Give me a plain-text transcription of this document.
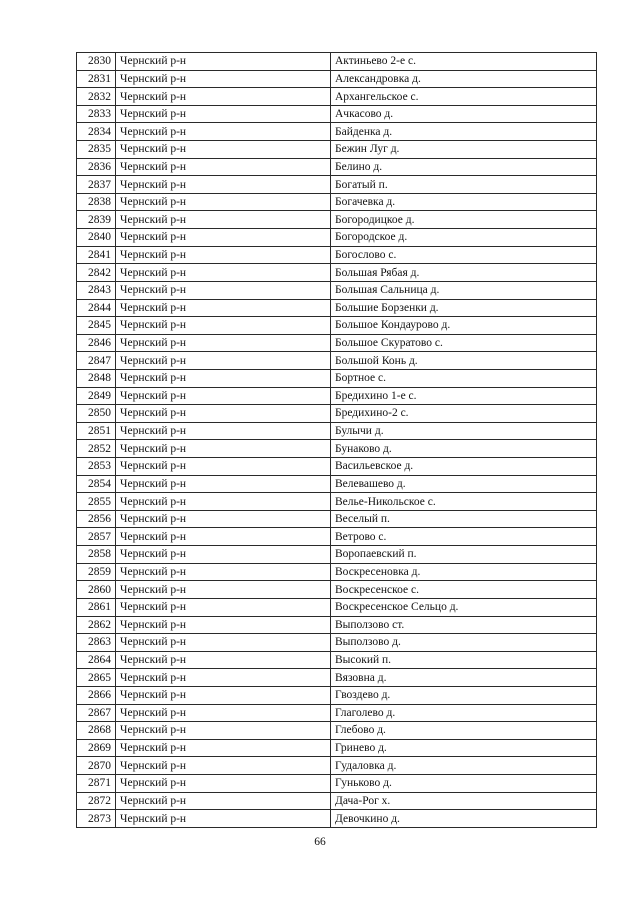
2830	Чернский р-н	Актиньево 2-е с.
2831	Чернский р-н	Александровка д.
2832	Чернский р-н	Архангельское с.
2833	Чернский р-н	Ачкасово д.
2834	Чернский р-н	Байденка д.
2835	Чернский р-н	Бежин Луг д.
2836	Чернский р-н	Белино д.
2837	Чернский р-н	Богатый п.
2838	Чернский р-н	Богачевка д.
2839	Чернский р-н	Богородицкое д.
2840	Чернский р-н	Богородское д.
2841	Чернский р-н	Богослово с.
2842	Чернский р-н	Большая Рябая д.
2843	Чернский р-н	Большая Сальница д.
2844	Чернский р-н	Большие Борзенки д.
2845	Чернский р-н	Большое Кондаурово д.
2846	Чернский р-н	Большое Скуратово с.
2847	Чернский р-н	Большой Конь д.
2848	Чернский р-н	Бортное с.
2849	Чернский р-н	Бредихино 1-е с.
2850	Чернский р-н	Бредихино-2 с.
2851	Чернский р-н	Булычи д.
2852	Чернский р-н	Бунаково д.
2853	Чернский р-н	Васильевское д.
2854	Чернский р-н	Велевашево д.
2855	Чернский р-н	Велье-Никольское с.
2856	Чернский р-н	Веселый п.
2857	Чернский р-н	Ветрово с.
2858	Чернский р-н	Воропаевский п.
2859	Чернский р-н	Воскресеновка д.
2860	Чернский р-н	Воскресенское с.
2861	Чернский р-н	Воскресенское Сельцо д.
2862	Чернский р-н	Выползово ст.
2863	Чернский р-н	Выползово д.
2864	Чернский р-н	Высокий п.
2865	Чернский р-н	Вязовна д.
2866	Чернский р-н	Гвоздево д.
2867	Чернский р-н	Глаголево д.
2868	Чернский р-н	Глебово д.
2869	Чернский р-н	Гринево д.
2870	Чернский р-н	Гудаловка д.
2871	Чернский р-н	Гуньково д.
2872	Чернский р-н	Дача-Рог х.
2873	Чернский р-н	Девочкино д.
66
